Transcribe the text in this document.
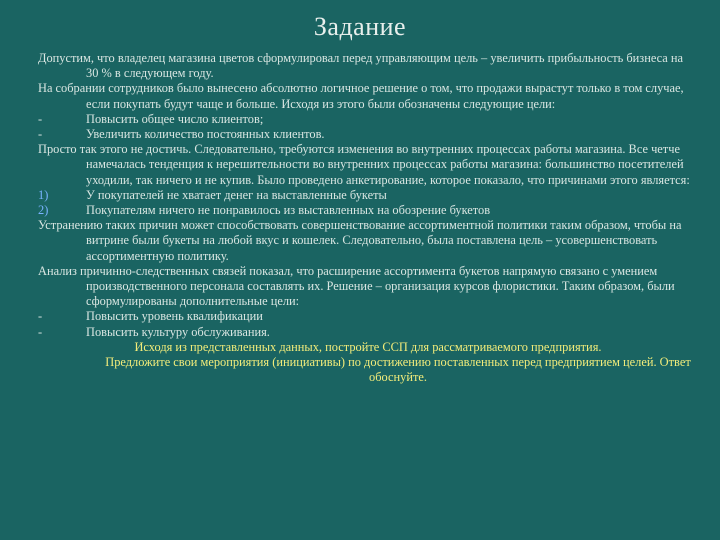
Задание

Допустим, что владелец магазина цветов сформулировал перед управляющим цель – увеличить прибыльность бизнеса на 30 % в следующем году.

На собрании сотрудников было вынесено абсолютно логичное решение о том, что продажи вырастут только в том случае, если покупать будут чаще и больше. Исходя из этого были обозначены следующие цели:

-	Повысить общее число клиентов;

-	Увеличить количество постоянных клиентов.

Просто так этого не достичь. Следовательно, требуются изменения во внутренних процессах работы магазина. Все четче намечалась тенденция к нерешительности во внутренних процессах работы магазина: большинство посетителей уходили, так ничего и не купив. Было проведено анкетирование, которое показало, что причинами этого является:

1)	У покупателей не хватает денег на выставленные букеты

2)	Покупателям ничего не понравилось из выставленных на обозрение букетов

Устранению таких причин может способствовать совершенствование ассортиментной политики таким образом, чтобы на витрине были букеты на любой вкус и кошелек. Следовательно, была поставлена цель – усовершенствовать ассортиментную политику.

Анализ причинно-следственных связей показал, что расширение ассортимента букетов напрямую связано с умением производственного персонала составлять их. Решение – организация курсов флористики. Таким образом, были сформулированы дополнительные цели:

-	Повысить уровень квалификации

-	Повысить культуру обслуживания.

Исходя из представленных данных, постройте ССП для рассматриваемого предприятия.
Предложите свои мероприятия (инициативы) по достижению поставленных перед предприятием целей. Ответ обоснуйте.
